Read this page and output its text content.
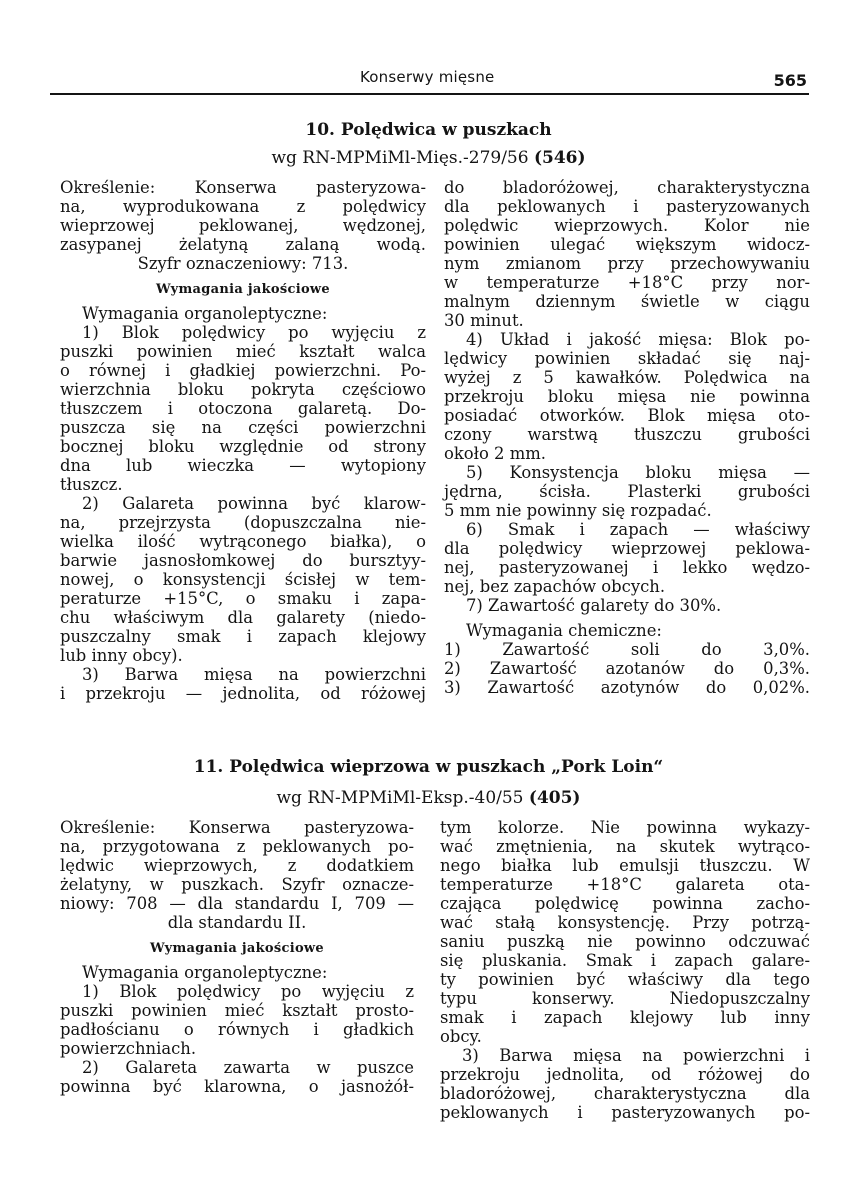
Konserwy mięsne	565
10. Polędwica w puszkach
wg RN-MPMiMl-Mięs.-279/56 (546)
Określenie: Konserwa pasteryzowa-
na, wyprodukowana z polędwicy
wieprzowej peklowanej, wędzonej,
zasypanej żelatyną zalaną wodą.
Szyfr oznaczeniowy: 713.
Wymagania jakościowe
Wymagania organoleptyczne:
1) Blok polędwicy po wyjęciu z
puszki powinien mieć kształt walca
o równej i gładkiej powierzchni. Po-
wierzchnia bloku pokryta częściowo
tłuszczem i otoczona galaretą. Do-
puszcza się na części powierzchni
bocznej bloku względnie od strony
dna lub wieczka — wytopiony
tłuszcz.
2) Galareta powinna być klarow-
na, przejrzysta (dopuszczalna nie-
wielka ilość wytrąconego białka), o
barwie jasnosłomkowej do bursztyy-
nowej, o konsystencji ścisłej w tem-
peraturze +15°C, o smaku i zapa-
chu właściwym dla galarety (niedo-
puszczalny smak i zapach klejowy
lub inny obcy).
3) Barwa mięsa na powierzchni
i przekroju — jednolita, od różowej
do bladoróżowej, charakterystyczna
dla peklowanych i pasteryzowanych
polędwic wieprzowych. Kolor nie
powinien ulegać większym widocz-
nym zmianom przy przechowywaniu
w temperaturze +18°C przy nor-
malnym dziennym świetle w ciągu
30 minut.
4) Układ i jakość mięsa: Blok po-
lędwicy powinien składać się naj-
wyżej z 5 kawałków. Polędwica na
przekroju bloku mięsa nie powinna
posiadać otworków. Blok mięsa oto-
czony warstwą tłuszczu grubości
około 2 mm.
5) Konsystencja bloku mięsa —
jędrna, ścisła. Plasterki grubości
5 mm nie powinny się rozpadać.
6) Smak i zapach — właściwy
dla polędwicy wieprzowej peklowa-
nej, pasteryzowanej i lekko wędzo-
nej, bez zapachów obcych.
7) Zawartość galarety do 30%.
Wymagania chemiczne:
1) Zawartość soli do 3,0%.
2) Zawartość azotanów do 0,3%.
3) Zawartość azotynów do 0,02%.
11. Polędwica wieprzowa w puszkach „Pork Loin“
wg RN-MPMiMl-Eksp.-40/55 (405)
Określenie: Konserwa pasteryzowa-
na, przygotowana z peklowanych po-
lędwic wieprzowych, z dodatkiem
żelatyny, w puszkach. Szyfr oznacze-
niowy: 708 — dla standardu I, 709 —
dla standardu II.
Wymagania jakościowe
Wymagania organoleptyczne:
1) Blok polędwicy po wyjęciu z
puszki powinien mieć kształt prosto-
padłościanu o równych i gładkich
powierzchniach.
2) Galareta zawarta w puszce
powinna być klarowna, o jasnożół-
tym kolorze. Nie powinna wykazy-
wać zmętnienia, na skutek wytrąco-
nego białka lub emulsji tłuszczu. W
temperaturze +18°C galareta ota-
czająca polędwicę powinna zacho-
wać stałą konsystencję. Przy potrzą-
saniu puszką nie powinno odczuwać
się pluskania. Smak i zapach galare-
ty powinien być właściwy dla tego
typu konserwy. Niedopuszczalny
smak i zapach klejowy lub inny
obcy.
3) Barwa mięsa na powierzchni i
przekroju jednolita, od różowej do
bladoróżowej, charakterystyczna dla
peklowanych i pasteryzowanych po-
